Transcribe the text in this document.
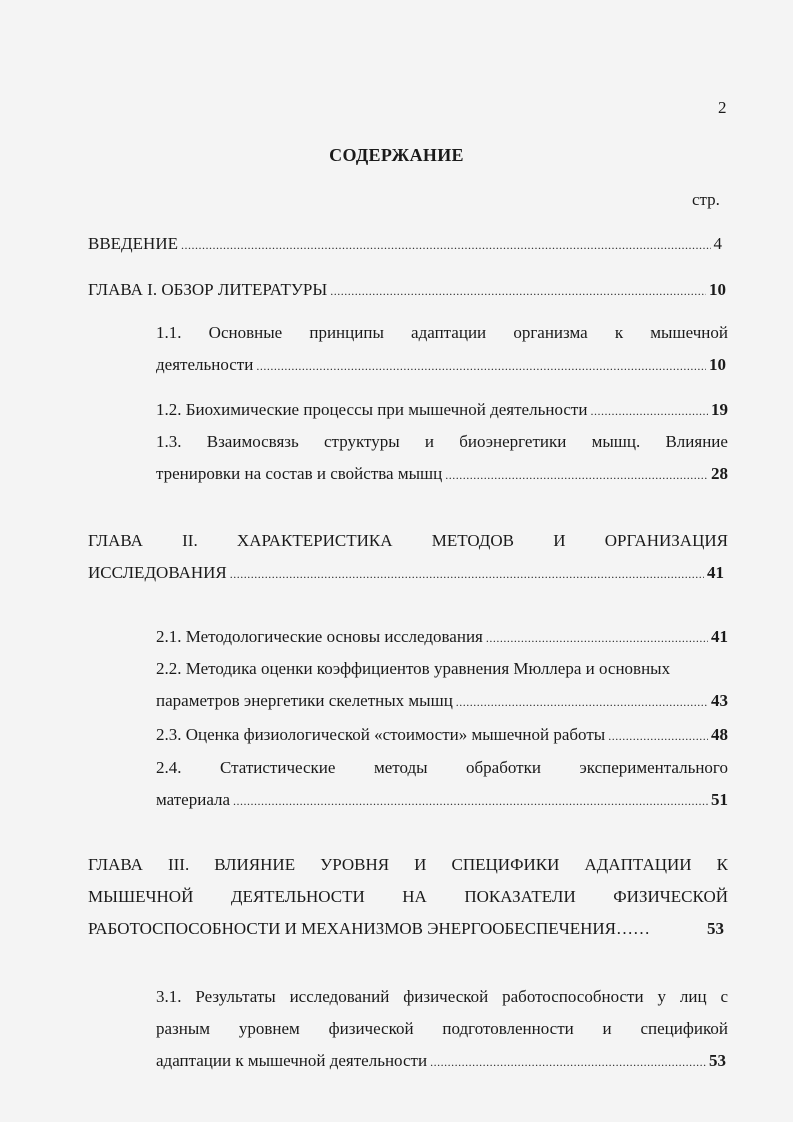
2
СОДЕРЖАНИЕ
стр.
ВВЕДЕНИЕ .....	4
ГЛАВА I. ОБЗОР ЛИТЕРАТУРЫ .....	10
1.1. Основные принципы адаптации организма к мышечной
деятельности .....	10
1.2. Биохимические процессы при мышечной деятельности .....	19
1.3. Взаимосвязь структуры и биоэнергетики мышц. Влияние
тренировки на состав и свойства мышц .....	28
ГЛАВА II. ХАРАКТЕРИСТИКА МЕТОДОВ И ОРГАНИЗАЦИЯ
ИССЛЕДОВАНИЯ .....	41
2.1. Методологические основы исследования .....	41
2.2. Методика оценки коэффициентов уравнения Мюллера и основных
параметров энергетики скелетных мышц .....	43
2.3. Оценка физиологической «стоимости» мышечной работы .....	48
2.4. Статистические методы обработки экспериментального
материала .....	51
ГЛАВА III. ВЛИЯНИЕ УРОВНЯ И СПЕЦИФИКИ АДАПТАЦИИ К
МЫШЕЧНОЙ ДЕЯТЕЛЬНОСТИ НА ПОКАЗАТЕЛИ ФИЗИЧЕСКОЙ
РАБОТОСПОСОБНОСТИ И МЕХАНИЗМОВ ЭНЕРГООБЕСПЕЧЕНИЯ……	53
3.1. Результаты исследований физической работоспособности у лиц с
разным уровнем физической подготовленности и спецификой
адаптации к мышечной деятельности .....	53
